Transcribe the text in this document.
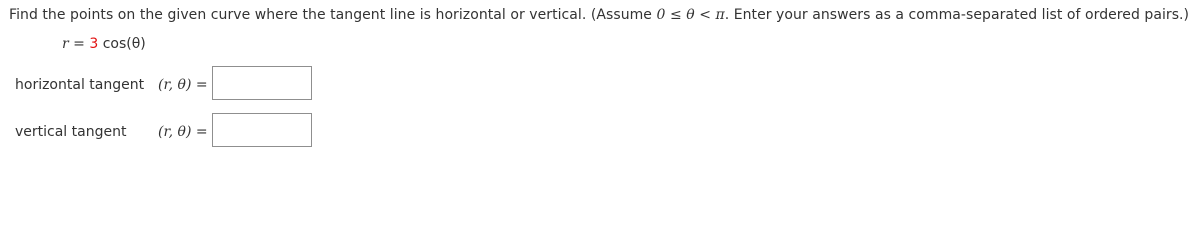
Find the points on the given curve where the tangent line is horizontal or vertical. (Assume 0 ≤ θ < π. Enter your answers as a comma-separated list of ordered pairs.)
r = 3 cos(θ)
horizontal tangent (r, θ) =
vertical tangent (r, θ) =
